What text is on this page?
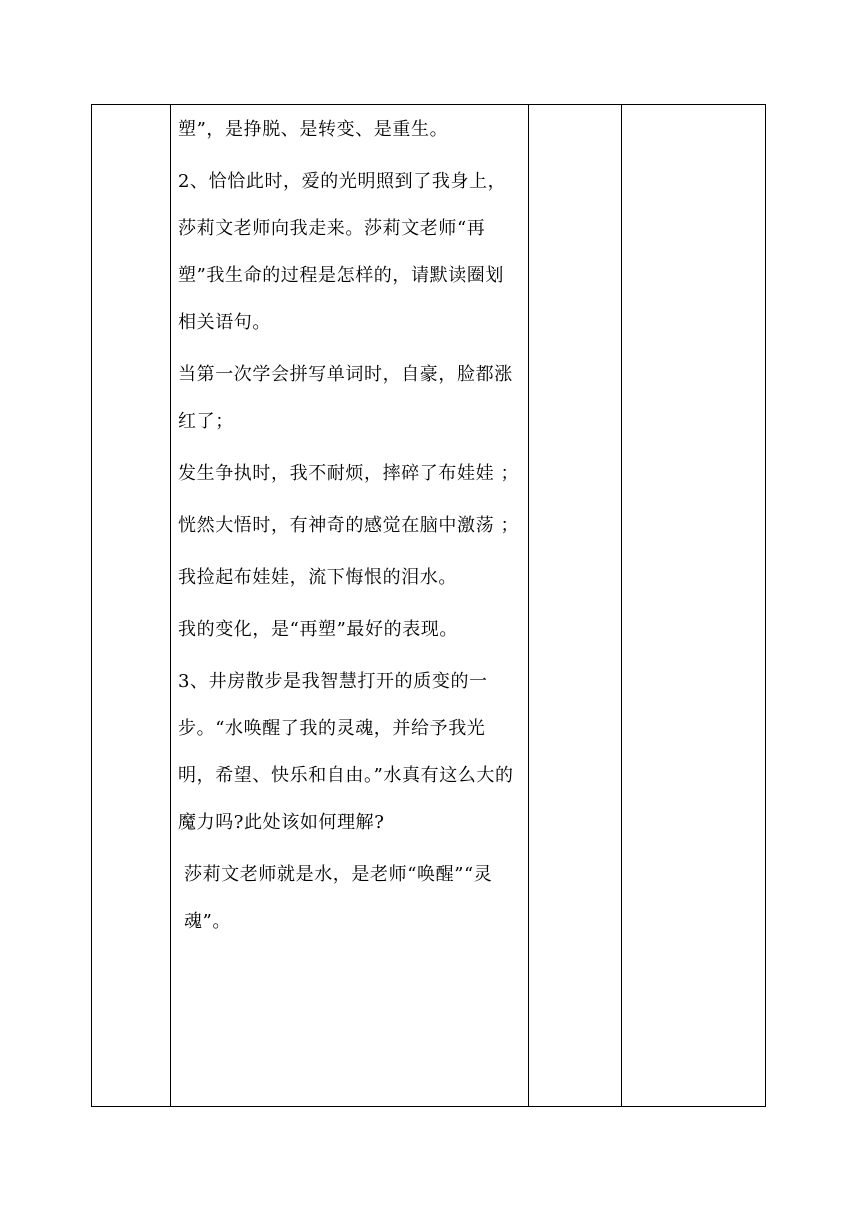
塑”，是挣脱、是转变、是重生。

2、恰恰此时，爱的光明照到了我身上，莎莉文老师向我走来。莎莉文老师“再塑”我生命的过程是怎样的，请默读圈划相关语句。

当第一次学会拼写单词时，自豪，脸都涨红了；

发生争执时，我不耐烦，摔碎了布娃娃 ；

恍然大悟时，有神奇的感觉在脑中激荡 ；

我捡起布娃娃，流下悔恨的泪水。

我的变化，是“再塑”最好的表现。

3、井房散步是我智慧打开的质变的一步。“水唤醒了我的灵魂，并给予我光明，希望、快乐和自由。”水真有这么大的魔力吗?此处该如何理解?

莎莉文老师就是水，是老师“唤醒”“灵魂”。
